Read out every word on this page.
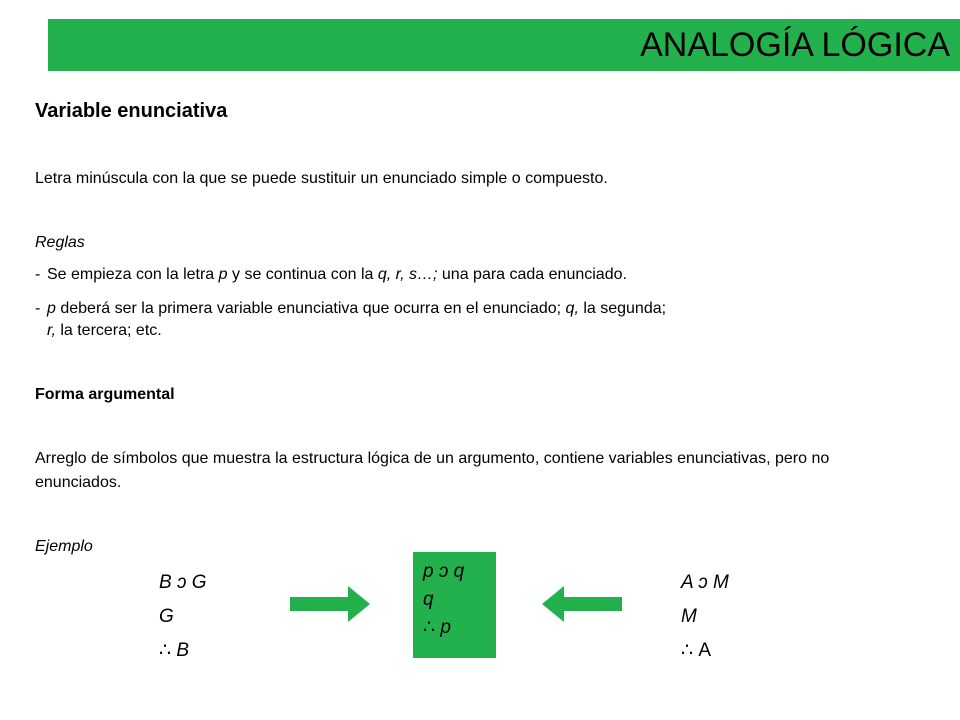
ANALOGÍA LÓGICA
Variable enunciativa
Letra minúscula con la que se puede sustituir un enunciado simple o compuesto.
Reglas
- Se empieza con la letra p y se continua con la q, r, s…; una para cada enunciado.
- p deberá ser la primera variable enunciativa que ocurra en el enunciado; q, la segunda;
r, la tercera; etc.
Forma argumental
Arreglo de símbolos que muestra la estructura lógica de un argumento, contiene variables enunciativas, pero no enunciados.
Ejemplo
B ɔ G
G
∴ B
p ɔ q
q
∴ p
A ɔ M
M
∴ A
